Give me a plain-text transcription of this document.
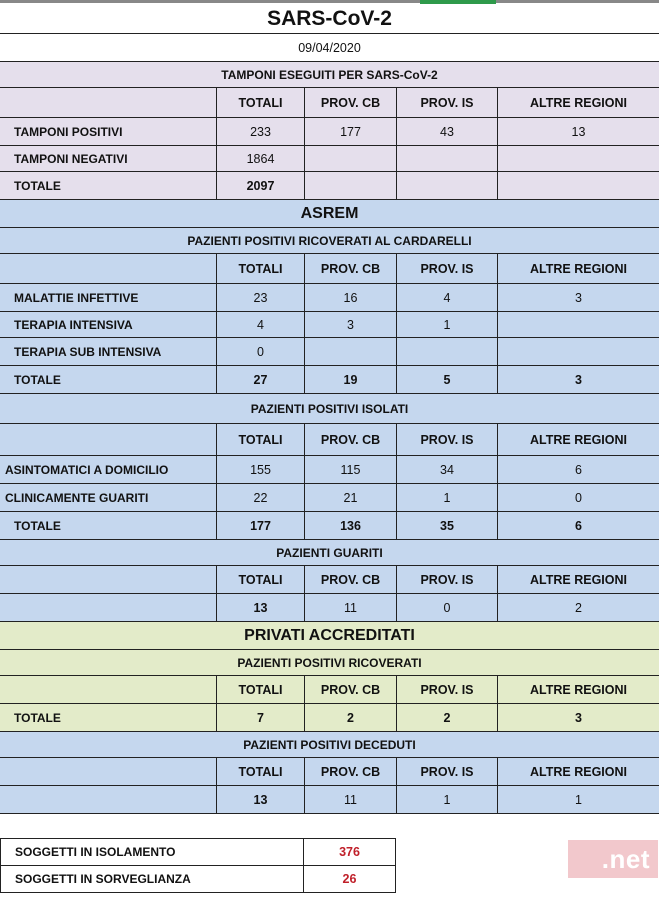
SARS-CoV-2
09/04/2020
TAMPONI ESEGUITI PER SARS-CoV-2
TOTALI	PROV. CB	PROV. IS	ALTRE REGIONI
TAMPONI POSITIVI	233	177	43	13
TAMPONI NEGATIVI	1864
TOTALE	2097
ASREM
PAZIENTI POSITIVI RICOVERATI AL CARDARELLI
TOTALI	PROV. CB	PROV. IS	ALTRE REGIONI
MALATTIE INFETTIVE	23	16	4	3
TERAPIA INTENSIVA	4	3	1
TERAPIA SUB INTENSIVA	0
TOTALE	27	19	5	3
PAZIENTI POSITIVI ISOLATI
TOTALI	PROV. CB	PROV. IS	ALTRE REGIONI
ASINTOMATICI A DOMICILIO	155	115	34	6
CLINICAMENTE GUARITI	22	21	1	0
TOTALE	177	136	35	6
PAZIENTI GUARITI
TOTALI	PROV. CB	PROV. IS	ALTRE REGIONI
13	11	0	2
PRIVATI ACCREDITATI
PAZIENTI POSITIVI RICOVERATI
TOTALI	PROV. CB	PROV. IS	ALTRE REGIONI
TOTALE	7	2	2	3
PAZIENTI POSITIVI DECEDUTI
TOTALI	PROV. CB	PROV. IS	ALTRE REGIONI
13	11	1	1
SOGGETTI IN ISOLAMENTO	376
SOGGETTI IN SORVEGLIANZA	26
.net
